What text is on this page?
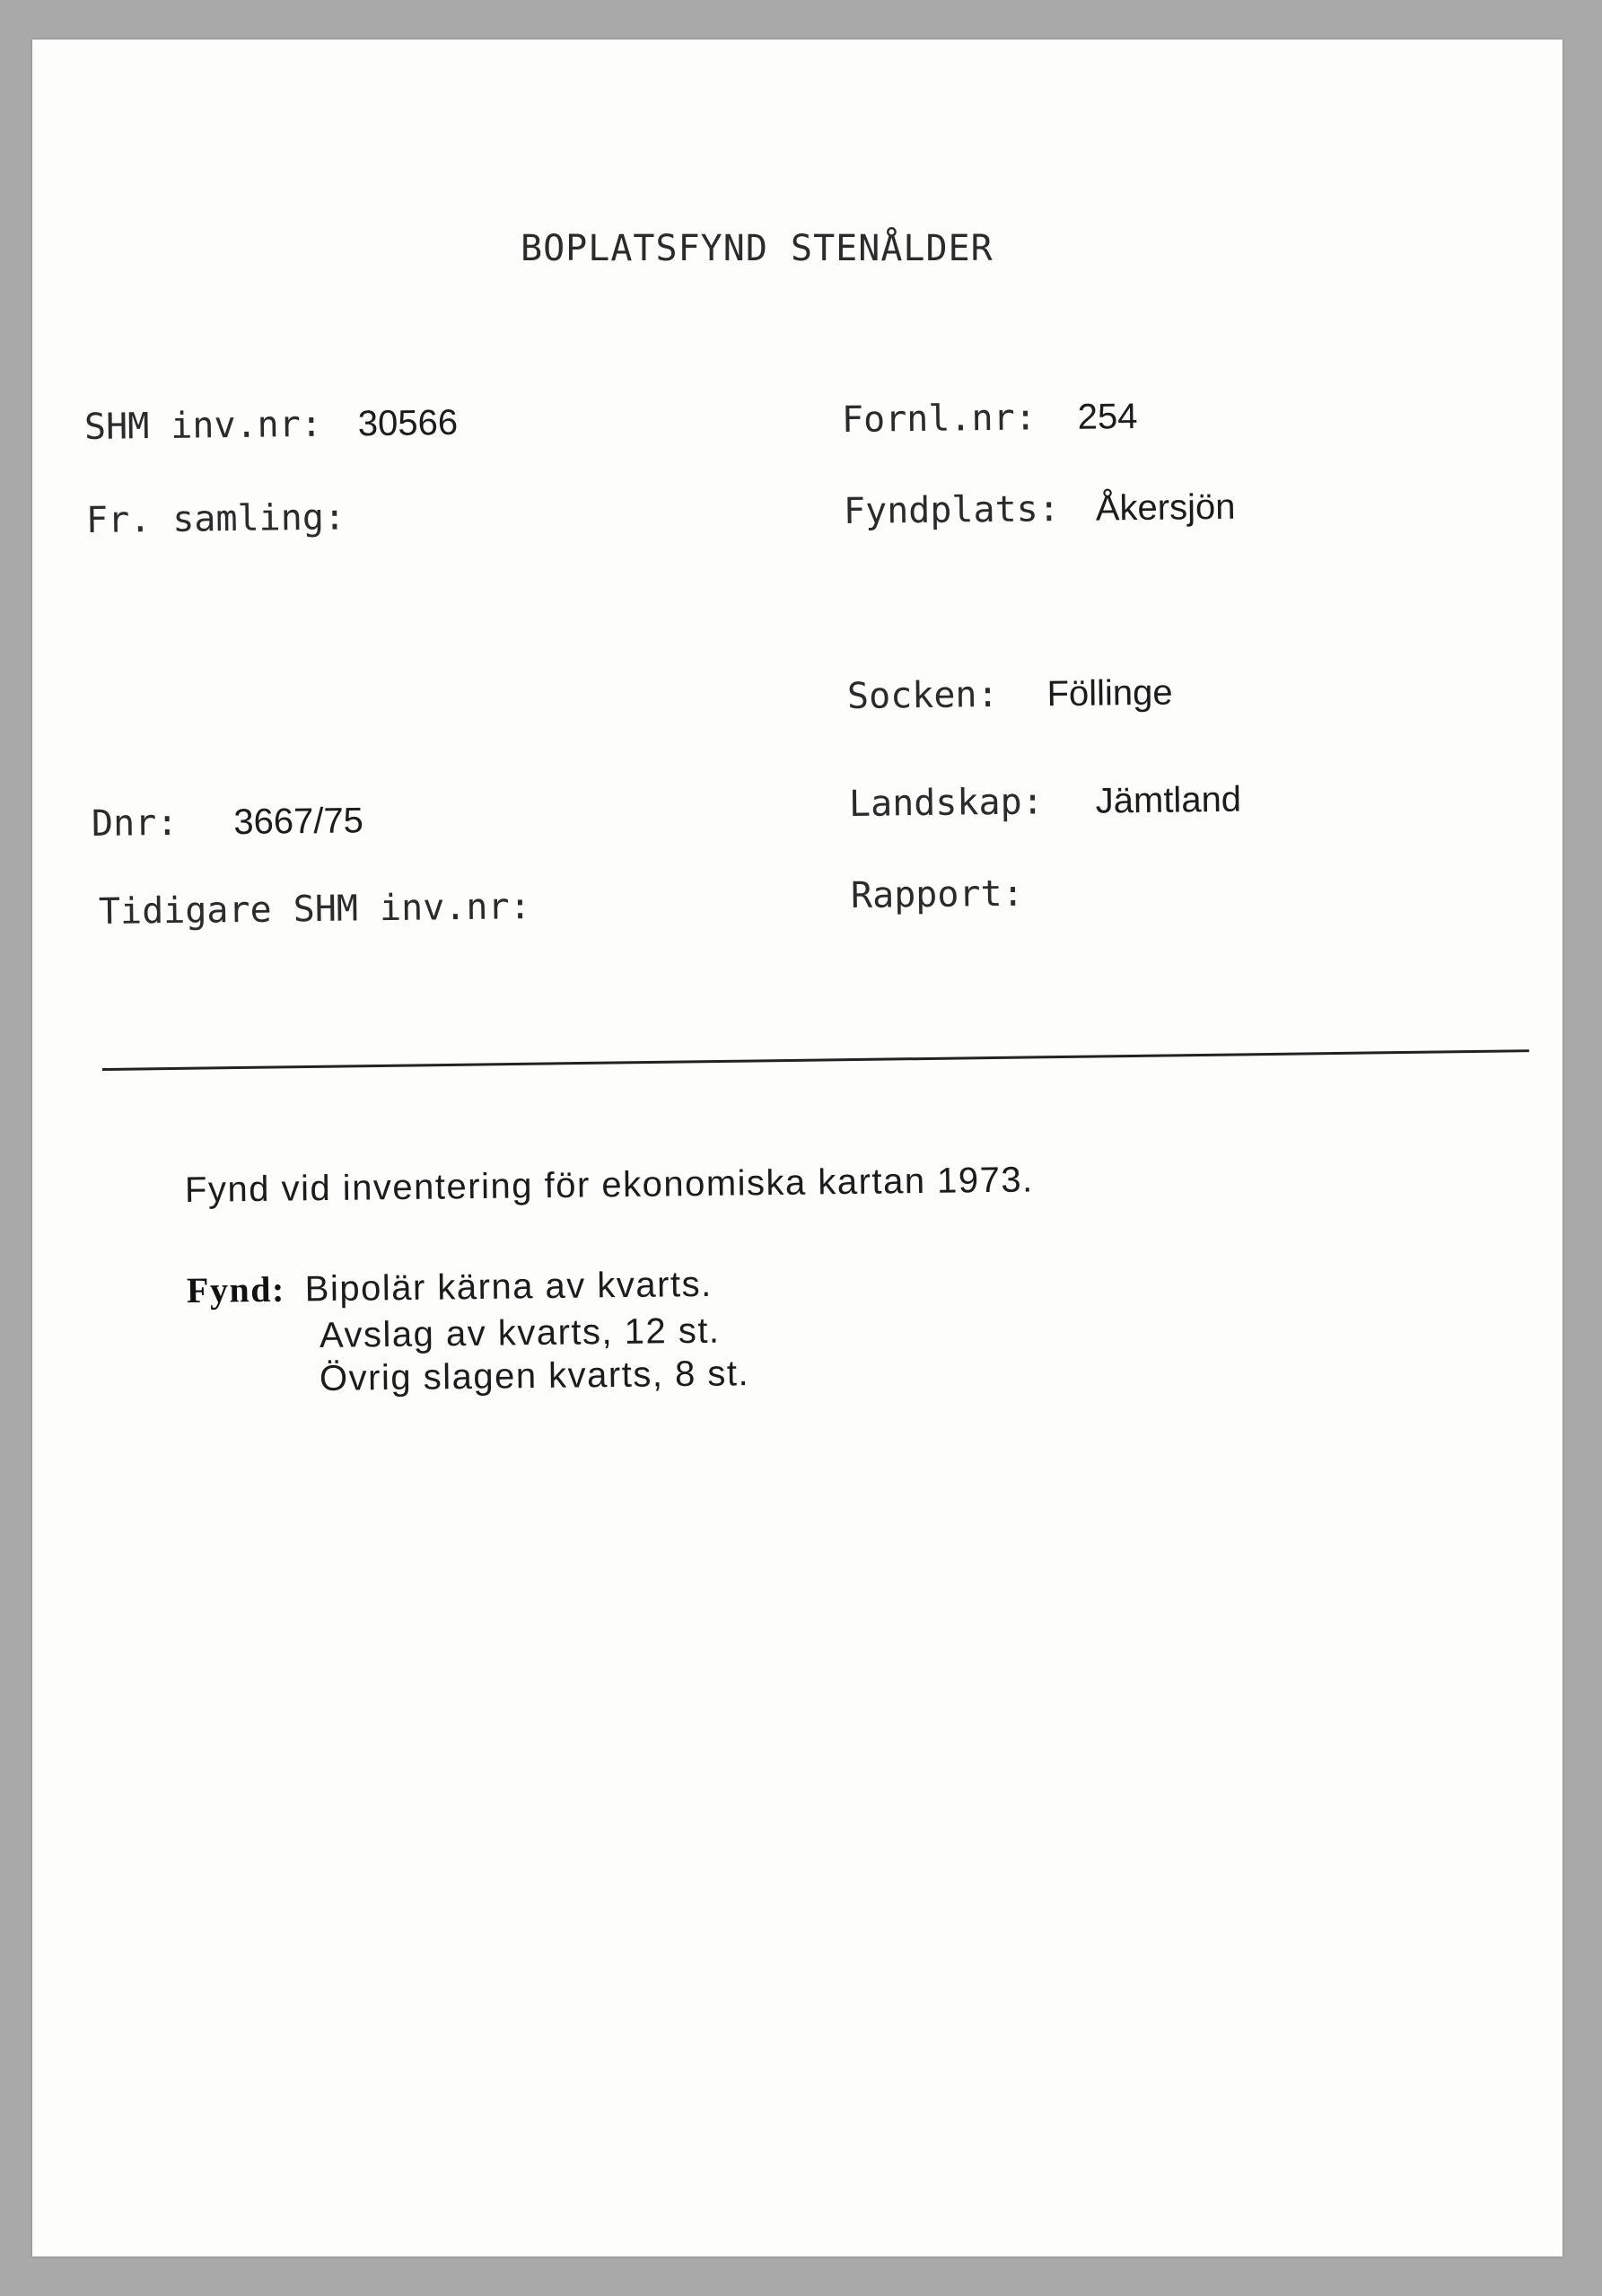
BOPLATSFYND STENÅLDER
SHM inv.nr: 30566
Fr. samling:
Dnr: 3667/75
Tidigare SHM inv.nr:
Fornl.nr: 254
Fyndplats: Åkersjön
Socken: Föllinge
Landskap: Jämtland
Rapport:
Fynd vid inventering för ekonomiska kartan 1973.
Fynd: Bipolär kärna av kvarts.
Avslag av kvarts, 12 st.
Övrig slagen kvarts, 8 st.
